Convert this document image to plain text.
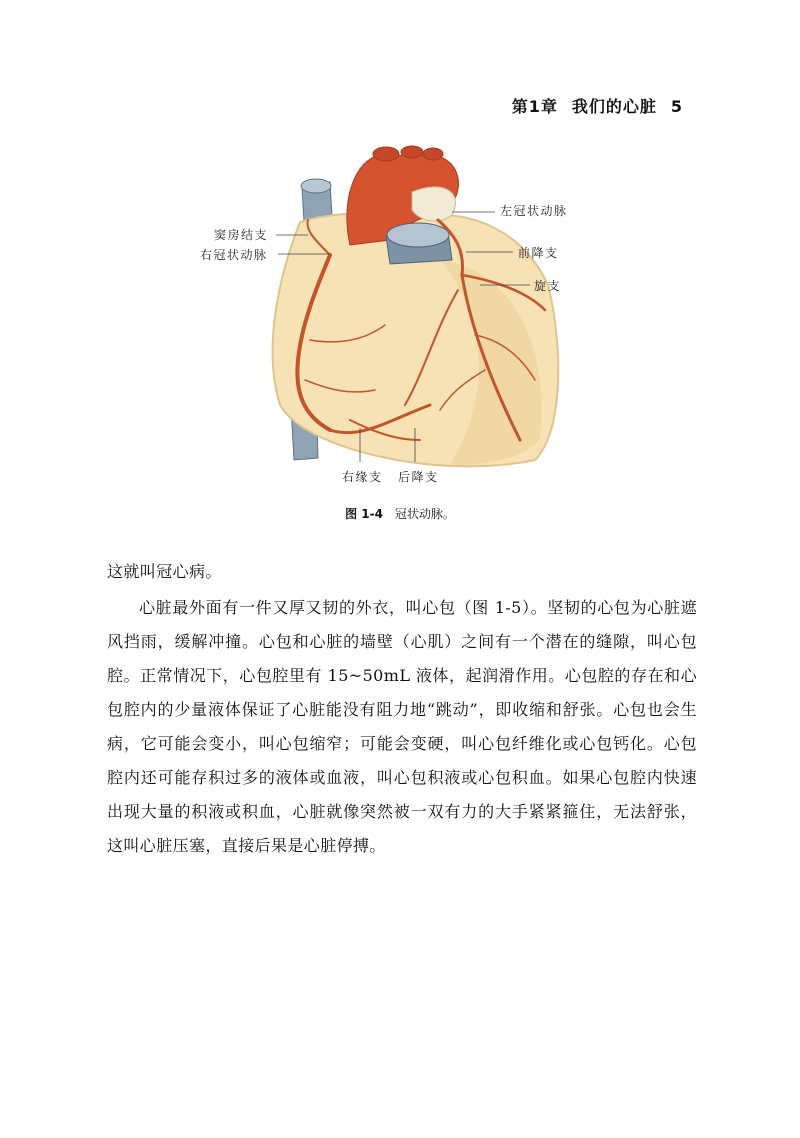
第1章 我们的心脏 5
左冠状动脉
窦房结支
右冠状动脉	前降支
旋支
右缘支 后降支
图 1-4 冠状动脉。

这就叫冠心病。

心脏最外面有一件又厚又韧的外衣，叫心包（图 1-5）。坚韧的心包为心脏遮风挡雨，缓解冲撞。心包和心脏的墙壁（心肌）之间有一个潜在的缝隙，叫心包腔。正常情况下，心包腔里有 15~50mL 液体，起润滑作用。心包腔的存在和心包腔内的少量液体保证了心脏能没有阻力地“跳动”，即收缩和舒张。心包也会生病，它可能会变小，叫心包缩窄；可能会变硬，叫心包纤维化或心包钙化。心包腔内还可能存积过多的液体或血液，叫心包积液或心包积血。如果心包腔内快速出现大量的积液或积血，心脏就像突然被一双有力的大手紧紧箍住，无法舒张，这叫心脏压塞，直接后果是心脏停搏。
